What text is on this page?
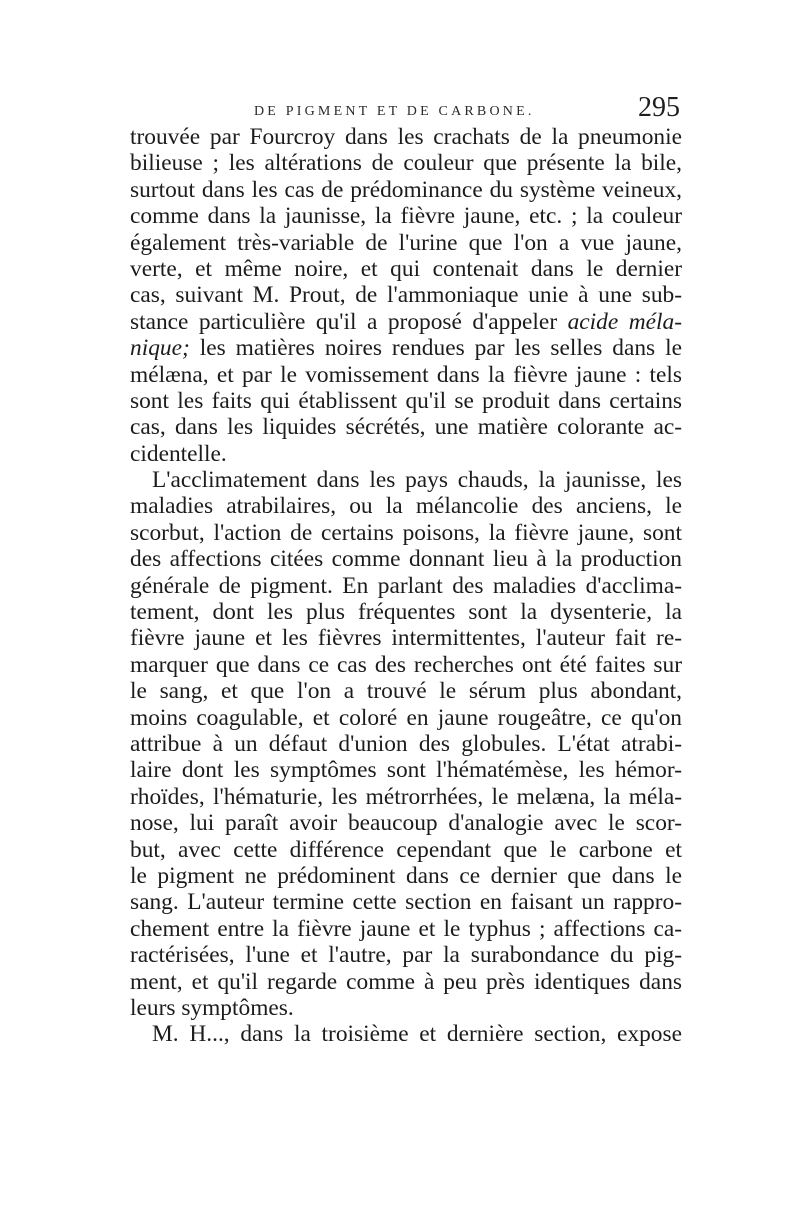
DE PIGMENT ET DE CARBONE.	295
trouvée par Fourcroy dans les crachats de la pneumonie
bilieuse ; les altérations de couleur que présente la bile,
surtout dans les cas de prédominance du système veineux,
comme dans la jaunisse, la fièvre jaune, etc. ; la couleur
également très-variable de l'urine que l'on a vue jaune,
verte, et même noire, et qui contenait dans le dernier
cas, suivant M. Prout, de l'ammoniaque unie à une sub-
stance particulière qu'il a proposé d'appeler acide méla-
nique; les matières noires rendues par les selles dans le
mélæna, et par le vomissement dans la fièvre jaune : tels
sont les faits qui établissent qu'il se produit dans certains
cas, dans les liquides sécrétés, une matière colorante ac-
cidentelle.
L'acclimatement dans les pays chauds, la jaunisse, les
maladies atrabilaires, ou la mélancolie des anciens, le
scorbut, l'action de certains poisons, la fièvre jaune, sont
des affections citées comme donnant lieu à la production
générale de pigment. En parlant des maladies d'acclima-
tement, dont les plus fréquentes sont la dysenterie, la
fièvre jaune et les fièvres intermittentes, l'auteur fait re-
marquer que dans ce cas des recherches ont été faites sur
le sang, et que l'on a trouvé le sérum plus abondant,
moins coagulable, et coloré en jaune rougeâtre, ce qu'on
attribue à un défaut d'union des globules. L'état atrabi-
laire dont les symptômes sont l'hématémèse, les hémor-
rhoïdes, l'hématurie, les métrorrhées, le melæna, la méla-
nose, lui paraît avoir beaucoup d'analogie avec le scor-
but, avec cette différence cependant que le carbone et
le pigment ne prédominent dans ce dernier que dans le
sang. L'auteur termine cette section en faisant un rappro-
chement entre la fièvre jaune et le typhus ; affections ca-
ractérisées, l'une et l'autre, par la surabondance du pig-
ment, et qu'il regarde comme à peu près identiques dans
leurs symptômes.
M. H..., dans la troisième et dernière section, expose
